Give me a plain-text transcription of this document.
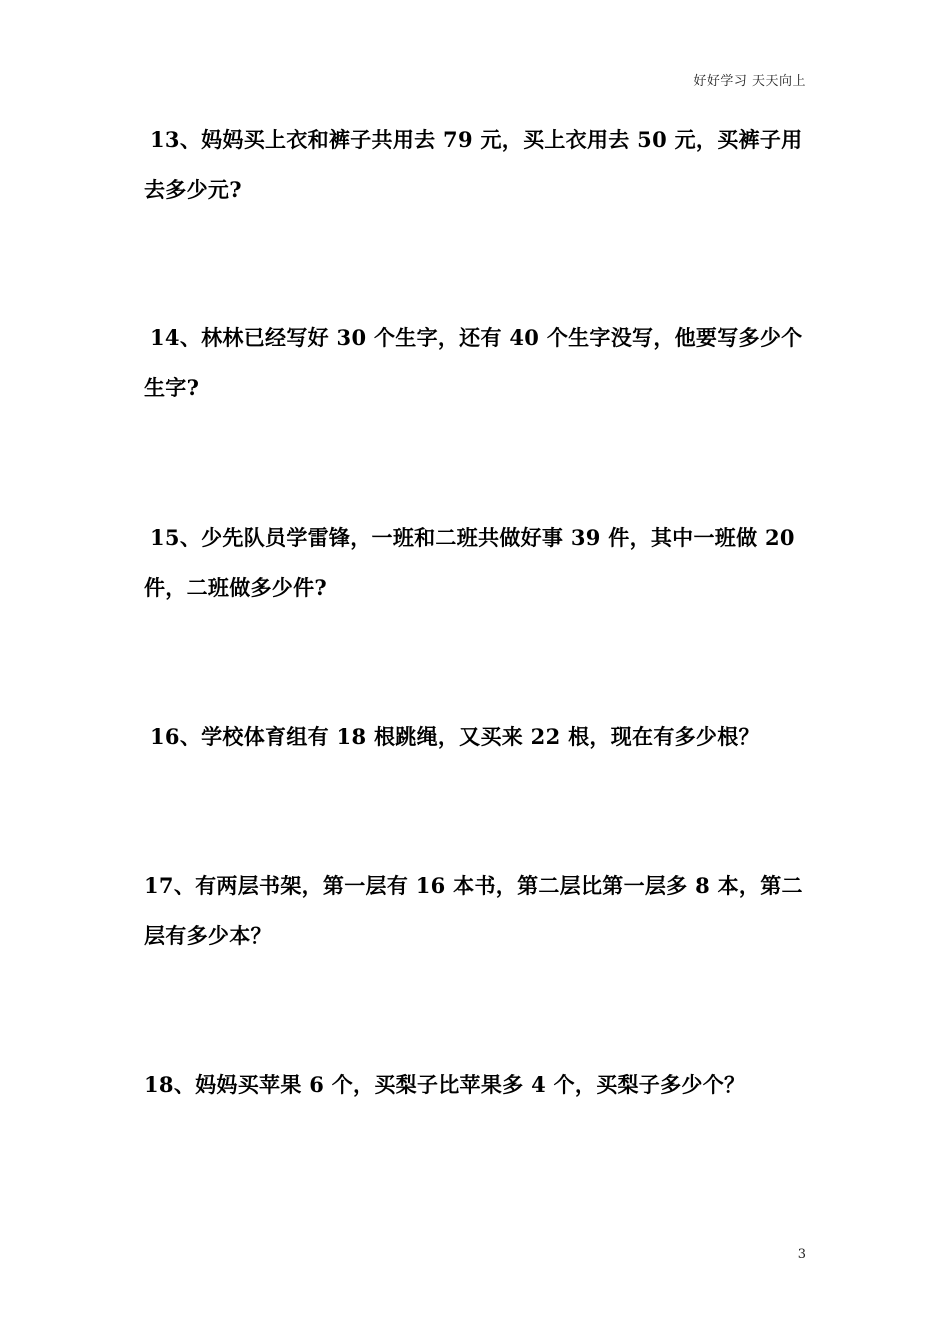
好好学习 天天向上
13、妈妈买上衣和裤子共用去 79 元，买上衣用去 50 元，买裤子用
去多少元?
14、林林已经写好 30 个生字，还有 40 个生字没写，他要写多少个
生字?
15、少先队员学雷锋，一班和二班共做好事 39 件，其中一班做 20
件，二班做多少件?
16、学校体育组有 18 根跳绳，又买来 22 根，现在有多少根？
17、有两层书架，第一层有 16 本书，第二层比第一层多 8 本，第二
层有多少本？
18、妈妈买苹果 6 个，买梨子比苹果多 4 个，买梨子多少个？
3
